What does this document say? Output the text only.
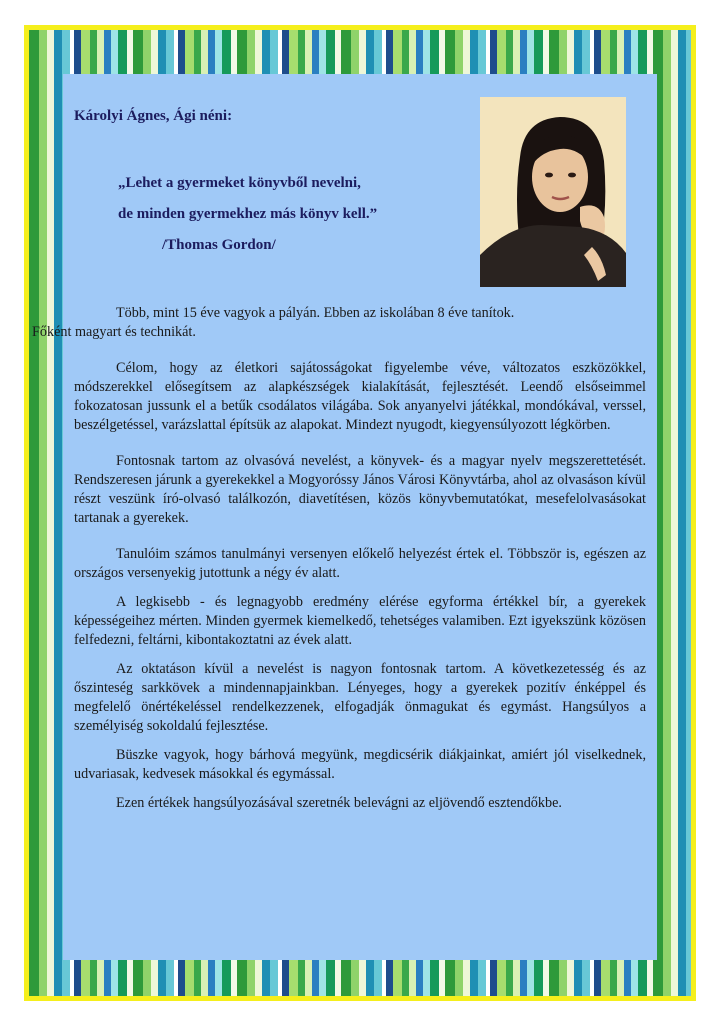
Károlyi Ágnes, Ági néni:
„Lehet a gyermeket könyvből nevelni,
de minden gyermekhez más könyv kell.”
/Thomas Gordon/

Több, mint 15 éve vagyok a pályán. Ebben az iskolában 8 éve tanítok.
Főként magyart és technikát.

Célom, hogy az életkori sajátosságokat figyelembe véve, változatos eszközökkel, módszerekkel elősegítsem az alapkészségek kialakítását, fejlesztését. Leendő elsőseimmel fokozatosan jussunk el a betűk csodálatos világába. Sok anyanyelvi játékkal, mondókával, verssel, beszélgetéssel, varázslattal építsük az alapokat. Mindezt nyugodt, kiegyensúlyozott légkörben.

Fontosnak tartom az olvasóvá nevelést, a könyvek- és a magyar nyelv megszerettetését. Rendszeresen járunk a gyerekekkel a Mogyoróssy János Városi Könyvtárba, ahol az olvasáson kívül részt veszünk író-olvasó találkozón, diavetítésen, közös könyvbemutatókat, mesefelolvasásokat tartanak a gyerekek.

Tanulóim számos tanulmányi versenyen előkelő helyezést értek el. Többször is, egészen az országos versenyekig jutottunk a négy év alatt.

A legkisebb - és legnagyobb eredmény elérése egyforma értékkel bír, a gyerekek képességeihez mérten. Minden gyermek kiemelkedő, tehetséges valamiben. Ezt igyekszünk közösen felfedezni, feltárni, kibontakoztatni az évek alatt.

Az oktatáson kívül a nevelést is nagyon fontosnak tartom. A következetesség és az őszinteség sarkkövek a mindennapjainkban. Lényeges, hogy a gyerekek pozitív énképpel és megfelelő önértékeléssel rendelkezzenek, elfogadják önmagukat és egymást. Hangsúlyos a személyiség sokoldalú fejlesztése.

Büszke vagyok, hogy bárhová megyünk, megdicsérik diákjainkat, amiért jól viselkednek, udvariasak, kedvesek másokkal és egymással.

Ezen értékek hangsúlyozásával szeretnék belevágni az eljövendő esztendőkbe.
